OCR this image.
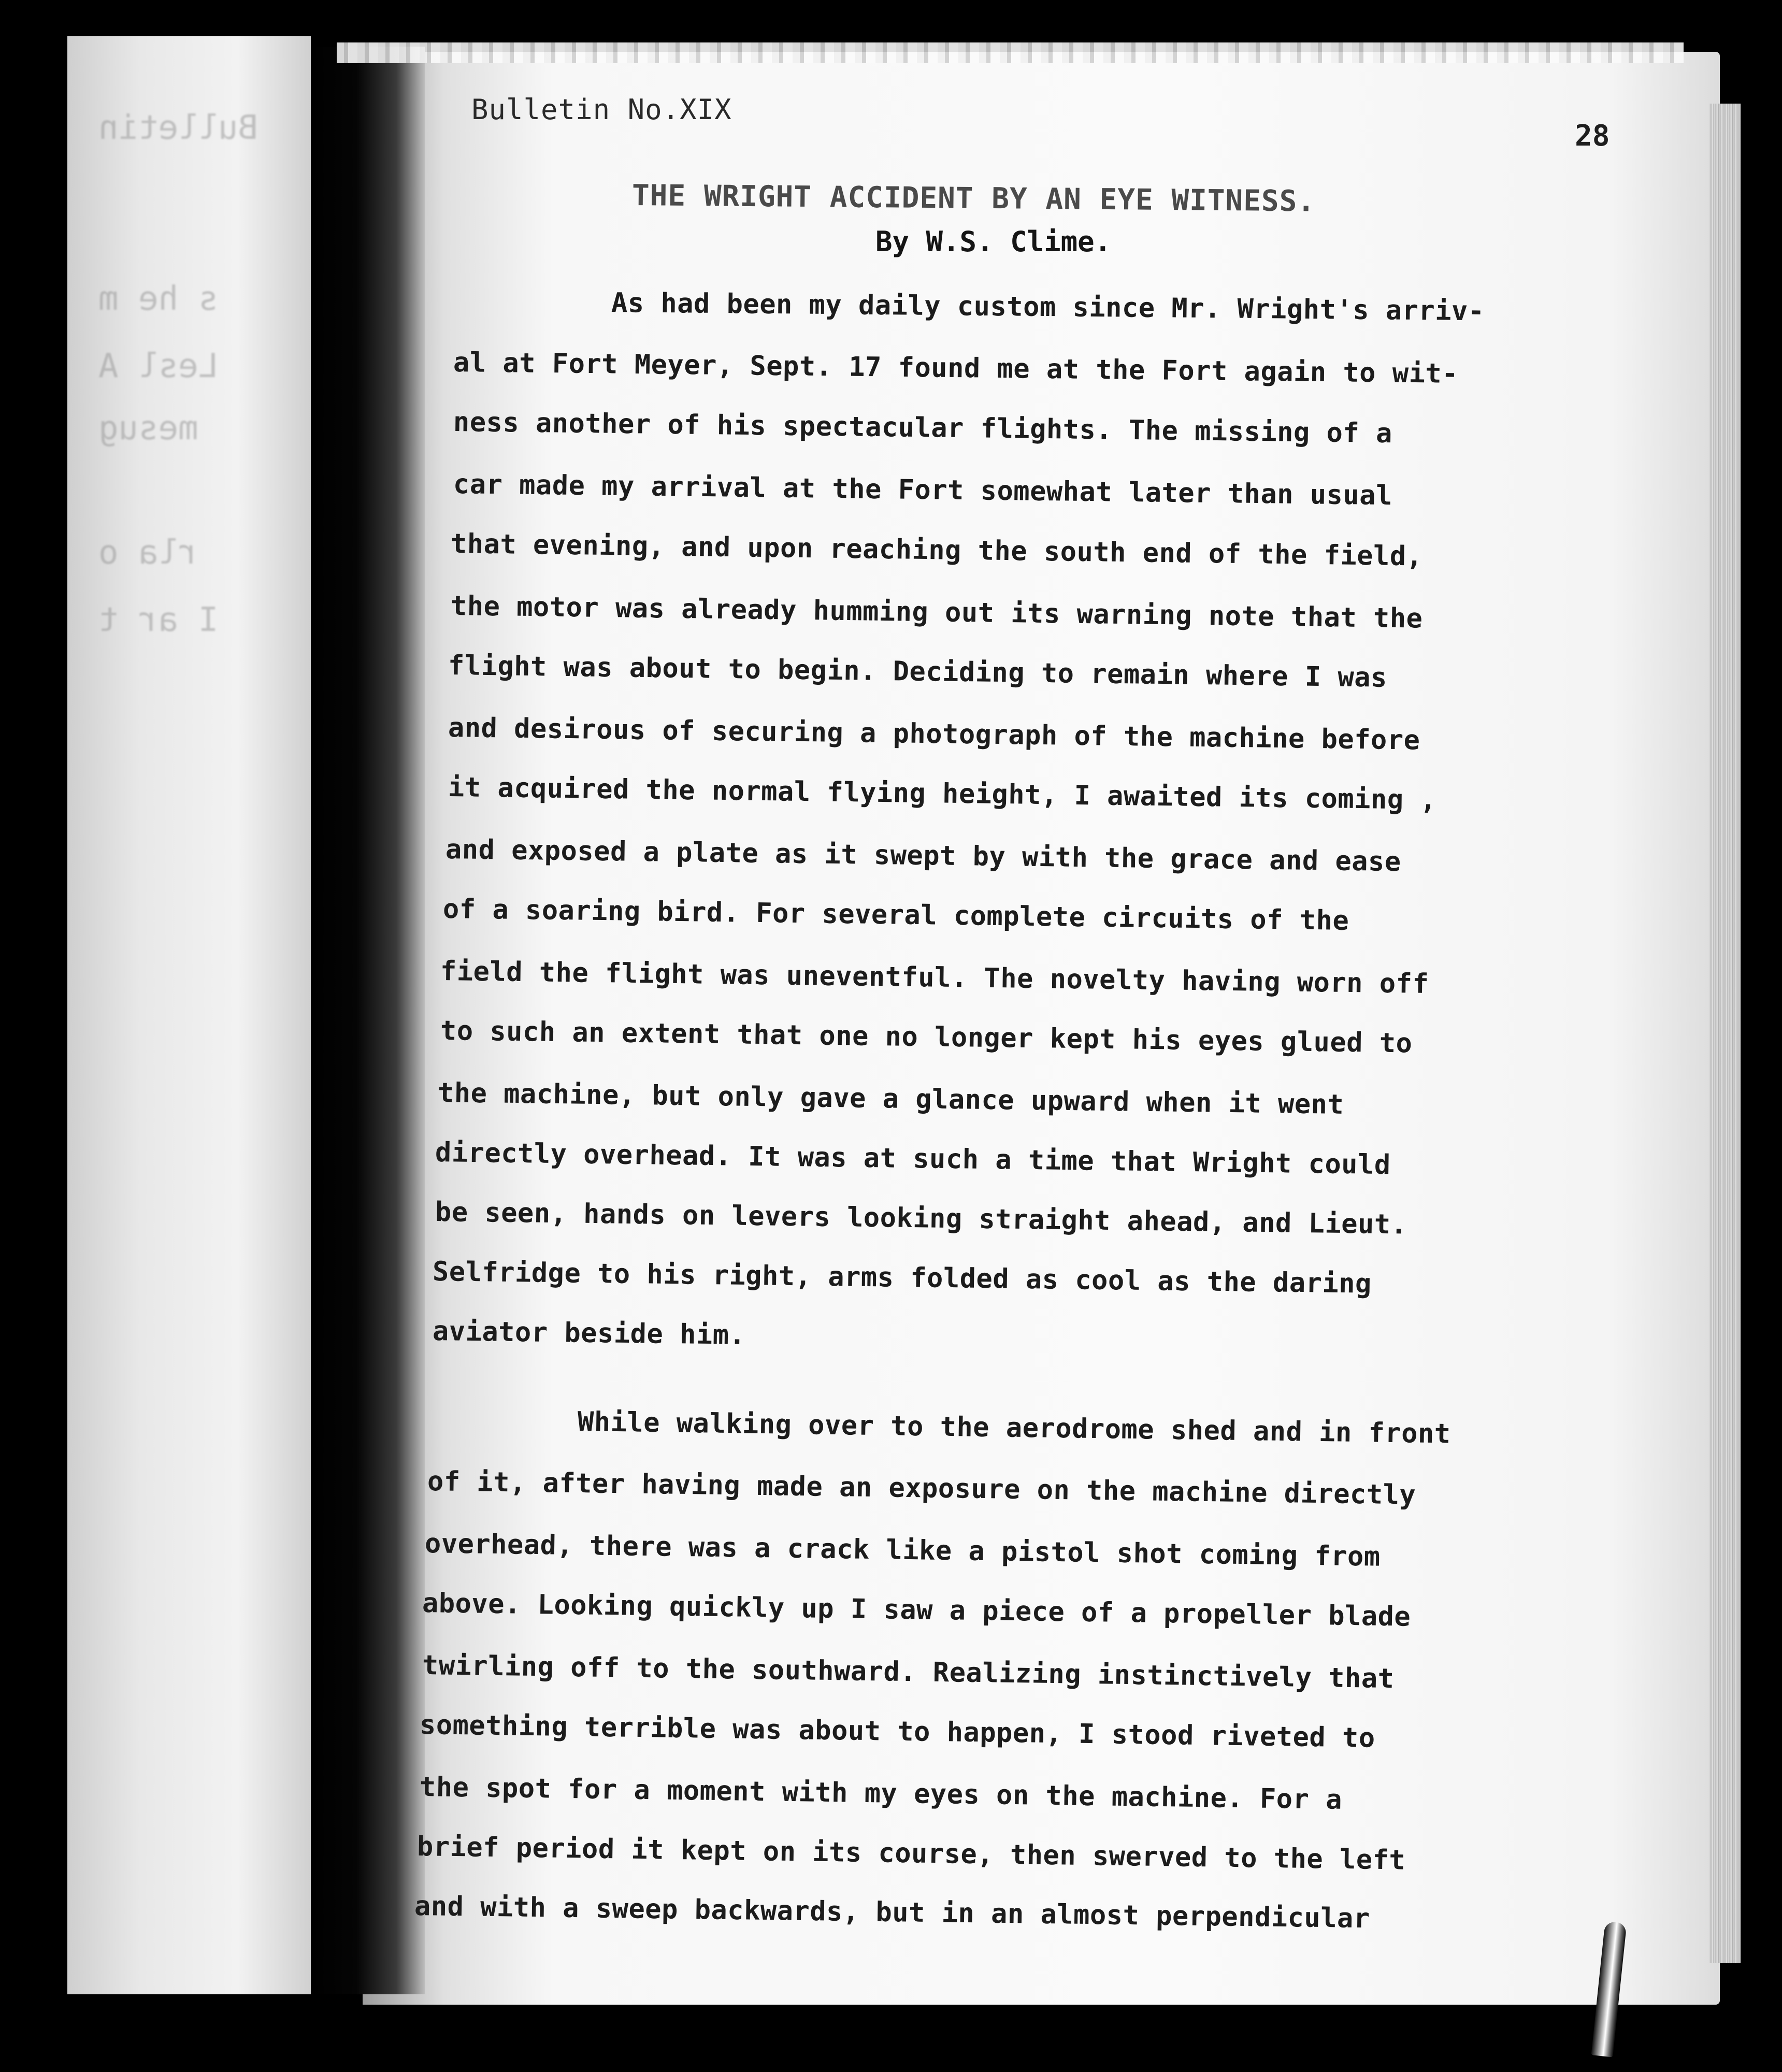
Bulletin
s he m
Lesl A
mesug
rla o
I ar t
Bulletin No.XIX
28
THE WRIGHT ACCIDENT BY AN EYE WITNESS.
By W.S. Clime.
As had been my daily custom since Mr. Wright's arriv-
al at Fort Meyer, Sept. 17 found me at the Fort again to wit-
ness another of his spectacular flights. The missing of a
car made my arrival at the Fort somewhat later than usual
that evening, and upon reaching the south end of the field,
the motor was already humming out its warning note that the
flight was about to begin. Deciding to remain where I was
and desirous of securing a photograph of the machine before
it acquired the normal flying height, I awaited its coming ,
and exposed a plate as it swept by with the grace and ease
of a soaring bird. For several complete circuits of the
field the flight was uneventful. The novelty having worn off
to such an extent that one no longer kept his eyes glued to
the machine, but only gave a glance upward when it went
directly overhead. It was at such a time that Wright could
be seen, hands on levers looking straight ahead, and Lieut.
Selfridge to his right, arms folded as cool as the daring
aviator beside him.
While walking over to the aerodrome shed and in front
of it, after having made an exposure on the machine directly
overhead, there was a crack like a pistol shot coming from
above. Looking quickly up I saw a piece of a propeller blade
twirling off to the southward. Realizing instinctively that
something terrible was about to happen, I stood riveted to
the spot for a moment with my eyes on the machine. For a
brief period it kept on its course, then swerved to the left
and with a sweep backwards, but in an almost perpendicular
